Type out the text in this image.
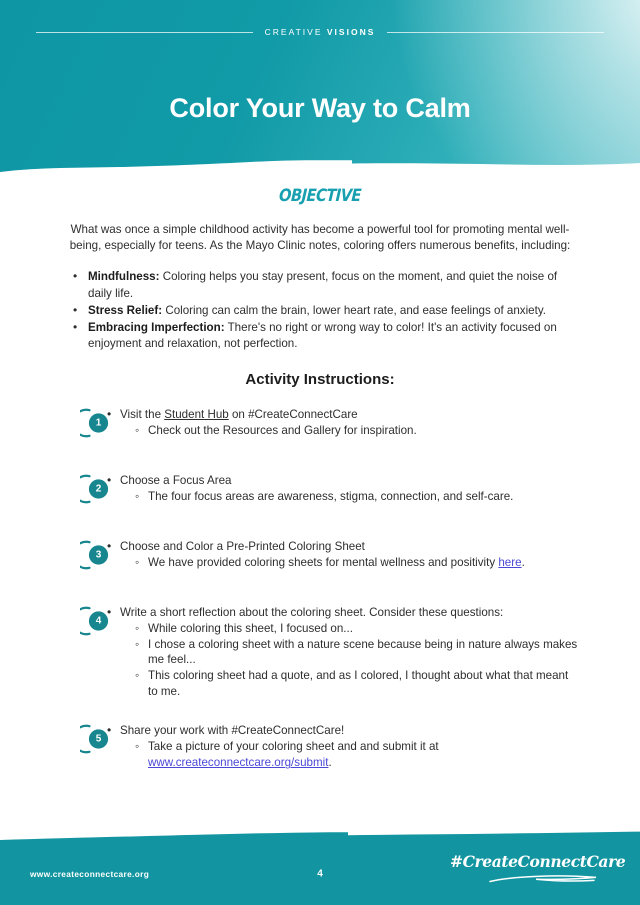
CREATIVE VISIONS
Color Your Way to Calm
OBJECTIVE

What was once a simple childhood activity has become a powerful tool for promoting mental well-being, especially for teens. As the Mayo Clinic notes, coloring offers numerous benefits, including:

• Mindfulness: Coloring helps you stay present, focus on the moment, and quiet the noise of daily life.
• Stress Relief: Coloring can calm the brain, lower heart rate, and ease feelings of anxiety.
• Embracing Imperfection: There's no right or wrong way to color! It's an activity focused on enjoyment and relaxation, not perfection.
Activity Instructions:
1
• Visit the Student Hub on #CreateConnectCare
◦ Check out the Resources and Gallery for inspiration.
2
• Choose a Focus Area
◦ The four focus areas are awareness, stigma, connection, and self-care.
3
• Choose and Color a Pre-Printed Coloring Sheet
◦ We have provided coloring sheets for mental wellness and positivity here.
4
• Write a short reflection about the coloring sheet. Consider these questions:
◦ While coloring this sheet, I focused on...
◦ I chose a coloring sheet with a nature scene because being in nature always makes me feel...
◦ This coloring sheet had a quote, and as I colored, I thought about what that meant to me.
5
• Share your work with #CreateConnectCare!
◦ Take a picture of your coloring sheet and and submit it at www.createconnectcare.org/submit.
www.createconnectcare.org	4
#CreateConnectCare
